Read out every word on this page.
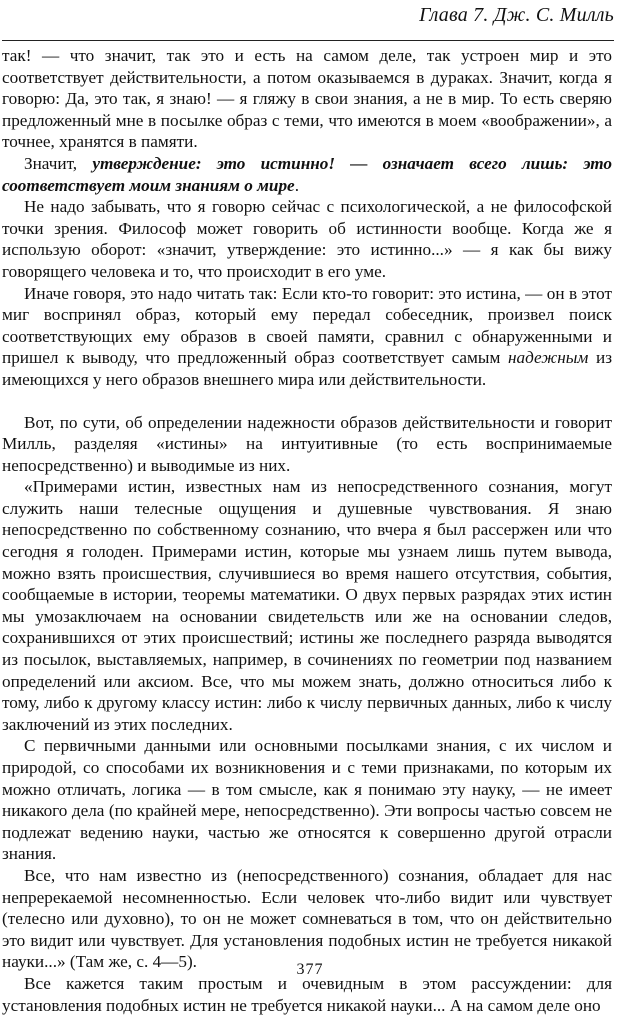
Глава 7. Дж. С. Милль

так! — что значит, так это и есть на самом деле, так устроен мир и это соответствует действительности, а потом оказываемся в дураках. Значит, когда я говорю: Да, это так, я знаю! — я гляжу в свои знания, а не в мир. То есть сверяю предложенный мне в посылке образ с теми, что имеются в моем «воображении», а точнее, хранятся в памяти.

Значит, утверждение: это истинно! — означает всего лишь: это соответствует моим знаниям о мире.

Не надо забывать, что я говорю сейчас с психологической, а не философской точки зрения. Философ может говорить об истинности вообще. Когда же я использую оборот: «значит, утверждение: это истинно...» — я как бы вижу говорящего человека и то, что происходит в его уме.

Иначе говоря, это надо читать так: Если кто-то говорит: это истина, — он в этот миг воспринял образ, который ему передал собеседник, произвел поиск соответствующих ему образов в своей памяти, сравнил с обнаруженными и пришел к выводу, что предложенный образ соответствует самым надежным из имеющихся у него образов внешнего мира или действительности.

Вот, по сути, об определении надежности образов действительности и говорит Милль, разделяя «истины» на интуитивные (то есть воспринимаемые непосредственно) и выводимые из них.

«Примерами истин, известных нам из непосредственного сознания, могут служить наши телесные ощущения и душевные чувствования. Я знаю непосредственно по собственному сознанию, что вчера я был рассержен или что сегодня я голоден. Примерами истин, которые мы узнаем лишь путем вывода, можно взять происшествия, случившиеся во время нашего отсутствия, события, сообщаемые в истории, теоремы математики. О двух первых разрядах этих истин мы умозаключаем на основании свидетельств или же на основании следов, сохранившихся от этих происшествий; истины же последнего разряда выводятся из посылок, выставляемых, например, в сочинениях по геометрии под названием определений или аксиом. Все, что мы можем знать, должно относиться либо к тому, либо к другому классу истин: либо к числу первичных данных, либо к числу заключений из этих последних.

С первичными данными или основными посылками знания, с их числом и природой, со способами их возникновения и с теми признаками, по которым их можно отличать, логика — в том смысле, как я понимаю эту науку, — не имеет никакого дела (по крайней мере, непосредственно). Эти вопросы частью совсем не подлежат ведению науки, частью же относятся к совершенно другой отрасли знания.

Все, что нам известно из (непосредственного) сознания, обладает для нас непререкаемой несомненностью. Если человек что-либо видит или чувствует (телесно или духовно), то он не может сомневаться в том, что он действительно это видит или чувствует. Для установления подобных истин не требуется никакой науки...» (Там же, с. 4—5).

Все кажется таким простым и очевидным в этом рассуждении: для установления подобных истин не требуется никакой науки... А на самом деле оно

377
